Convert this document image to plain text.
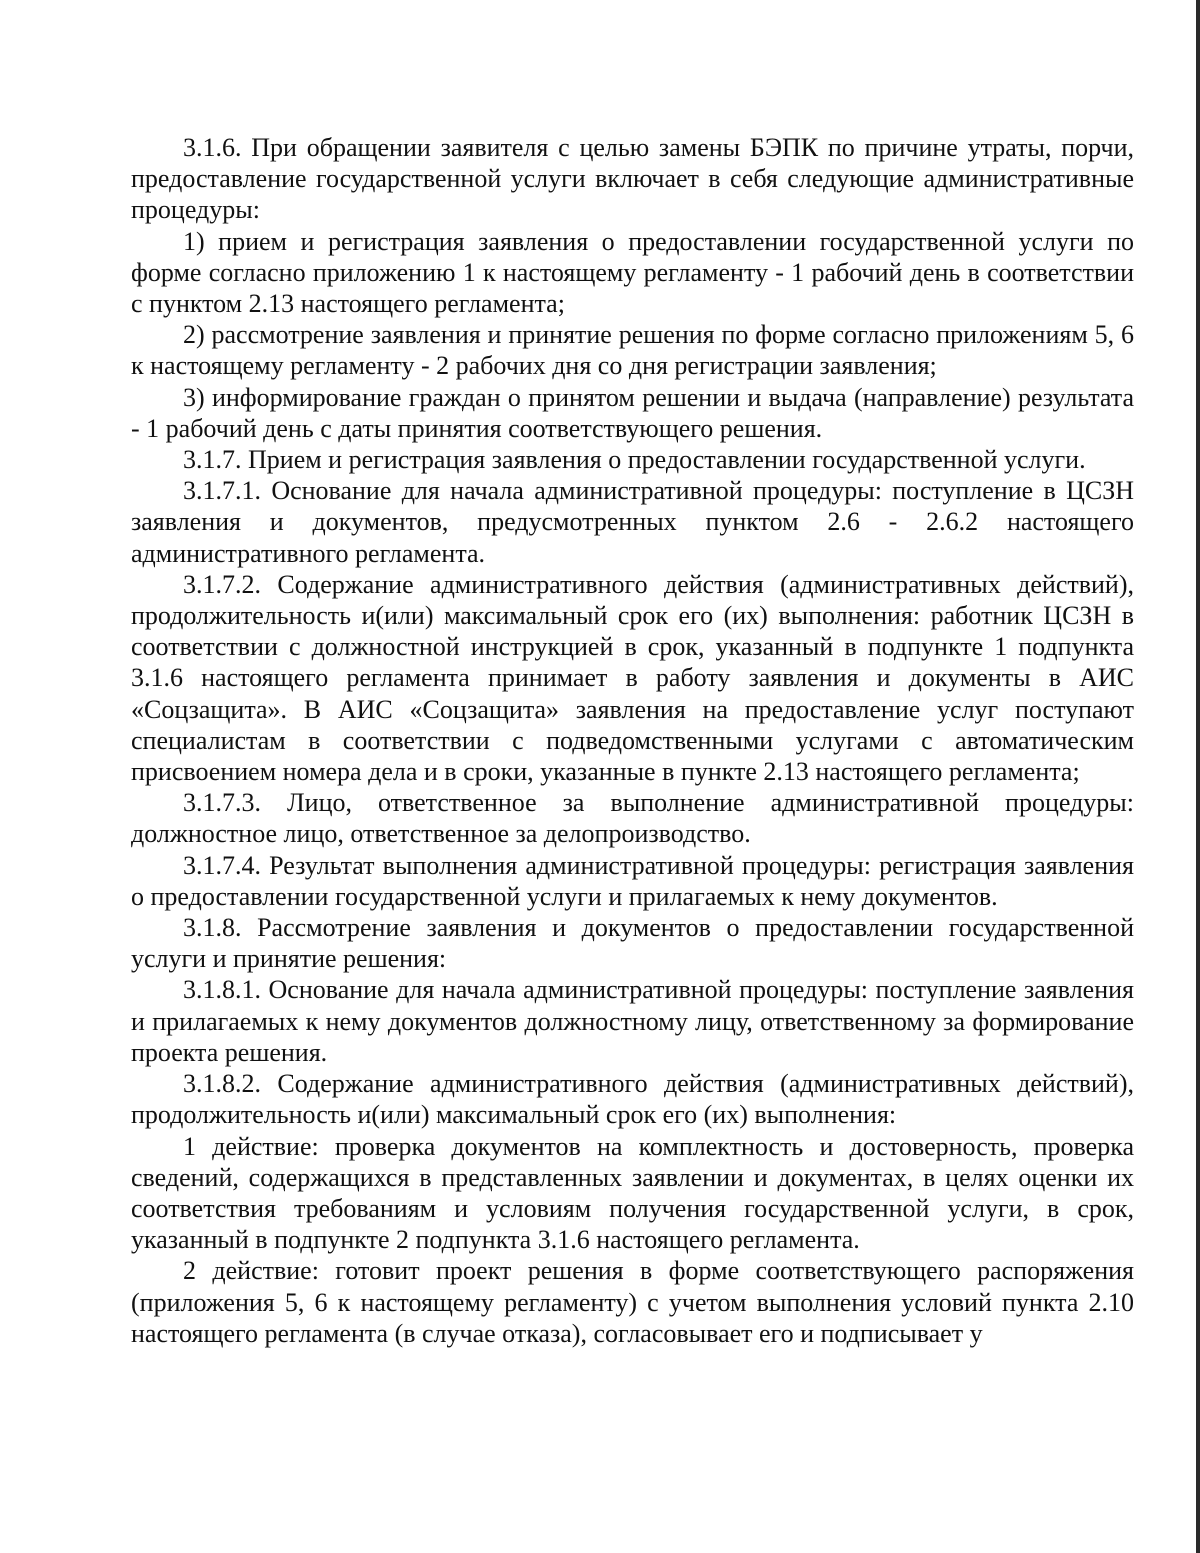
3.1.6. При обращении заявителя с целью замены БЭПК по причине утраты, порчи, предоставление государственной услуги включает в себя следующие административные процедуры:

1) прием и регистрация заявления о предоставлении государственной услуги по форме согласно приложению 1 к настоящему регламенту - 1 рабочий день в соответствии с пунктом 2.13 настоящего регламента;

2) рассмотрение заявления и принятие решения по форме согласно приложениям 5, 6 к настоящему регламенту - 2 рабочих дня со дня регистрации заявления;

3) информирование граждан о принятом решении и выдача (направление) результата - 1 рабочий день с даты принятия соответствующего решения.

3.1.7. Прием и регистрация заявления о предоставлении государственной услуги.

3.1.7.1. Основание для начала административной процедуры: поступление в ЦСЗН заявления и документов, предусмотренных пунктом 2.6 - 2.6.2 настоящего административного регламента.

3.1.7.2. Содержание административного действия (административных действий), продолжительность и(или) максимальный срок его (их) выполнения: работник ЦСЗН в соответствии с должностной инструкцией в срок, указанный в подпункте 1 подпункта 3.1.6 настоящего регламента принимает в работу заявления и документы в АИС «Соцзащита». В АИС «Соцзащита» заявления на предоставление услуг поступают специалистам в соответствии с подведомственными услугами с автоматическим присвоением номера дела и в сроки, указанные в пункте 2.13 настоящего регламента;

3.1.7.3. Лицо, ответственное за выполнение административной процедуры: должностное лицо, ответственное за делопроизводство.

3.1.7.4. Результат выполнения административной процедуры: регистрация заявления о предоставлении государственной услуги и прилагаемых к нему документов.

3.1.8. Рассмотрение заявления и документов о предоставлении государственной услуги и принятие решения:

3.1.8.1. Основание для начала административной процедуры: поступление заявления и прилагаемых к нему документов должностному лицу, ответственному за формирование проекта решения.

3.1.8.2. Содержание административного действия (административных действий), продолжительность и(или) максимальный срок его (их) выполнения:

1 действие: проверка документов на комплектность и достоверность, проверка сведений, содержащихся в представленных заявлении и документах, в целях оценки их соответствия требованиям и условиям получения государственной услуги, в срок, указанный в подпункте 2 подпункта 3.1.6 настоящего регламента.

2 действие: готовит проект решения в форме соответствующего распоряжения (приложения 5, 6 к настоящему регламенту) с учетом выполнения условий пункта 2.10 настоящего регламента (в случае отказа), согласовывает его и подписывает у
